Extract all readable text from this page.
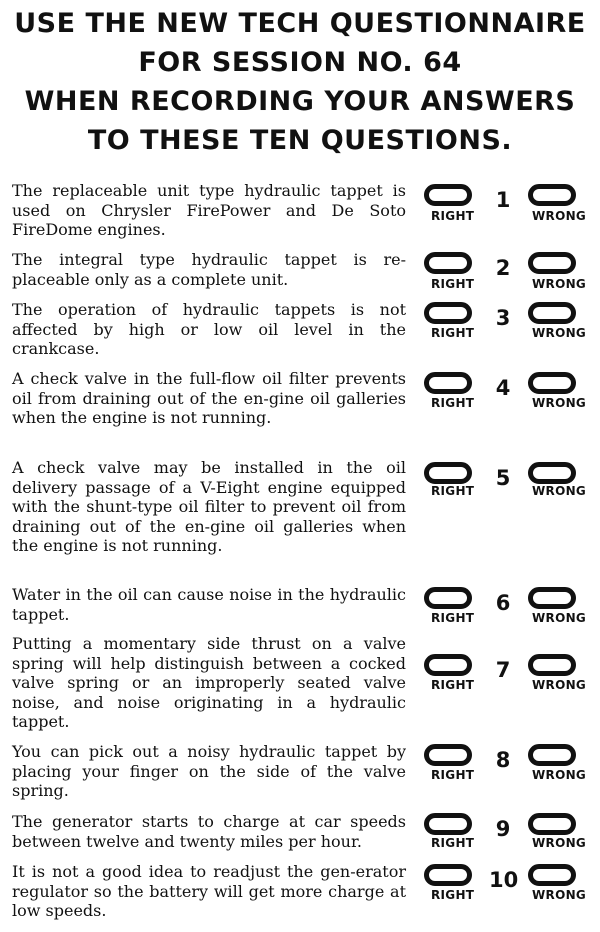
USE THE NEW TECH QUESTIONNAIRE
FOR SESSION NO. 64
WHEN RECORDING YOUR ANSWERS
TO THESE TEN QUESTIONS.
The replaceable unit type hydraulic tappet is used on Chrysler FirePower and De Soto FireDome engines.
1
RIGHT	WRONG
The integral type hydraulic tappet is re-placeable only as a complete unit.	2
RIGHT	WRONG
The operation of hydraulic tappets is not affected by high or low oil level in the crankcase.
3
RIGHT	WRONG
A check valve in the full-flow oil filter prevents oil from draining out of the en-gine oil galleries when the engine is not running.
4
RIGHT	WRONG
A check valve may be installed in the oil delivery passage of a V-Eight engine equipped with the shunt-type oil filter to prevent oil from draining out of the en-gine oil galleries when the engine is not running.
5
RIGHT	WRONG
Water in the oil can cause noise in the hydraulic tappet.	6
RIGHT	WRONG
Putting a momentary side thrust on a valve spring will help distinguish between a cocked valve spring or an improperly seated valve noise, and noise originating in a hydraulic tappet.
7
RIGHT	WRONG
You can pick out a noisy hydraulic tappet by placing your finger on the side of the valve spring.
8
RIGHT	WRONG
The generator starts to charge at car speeds between twelve and twenty miles per hour.	9
RIGHT	WRONG
It is not a good idea to readjust the gen-erator regulator so the battery will get more charge at low speeds.
10
RIGHT	WRONG
